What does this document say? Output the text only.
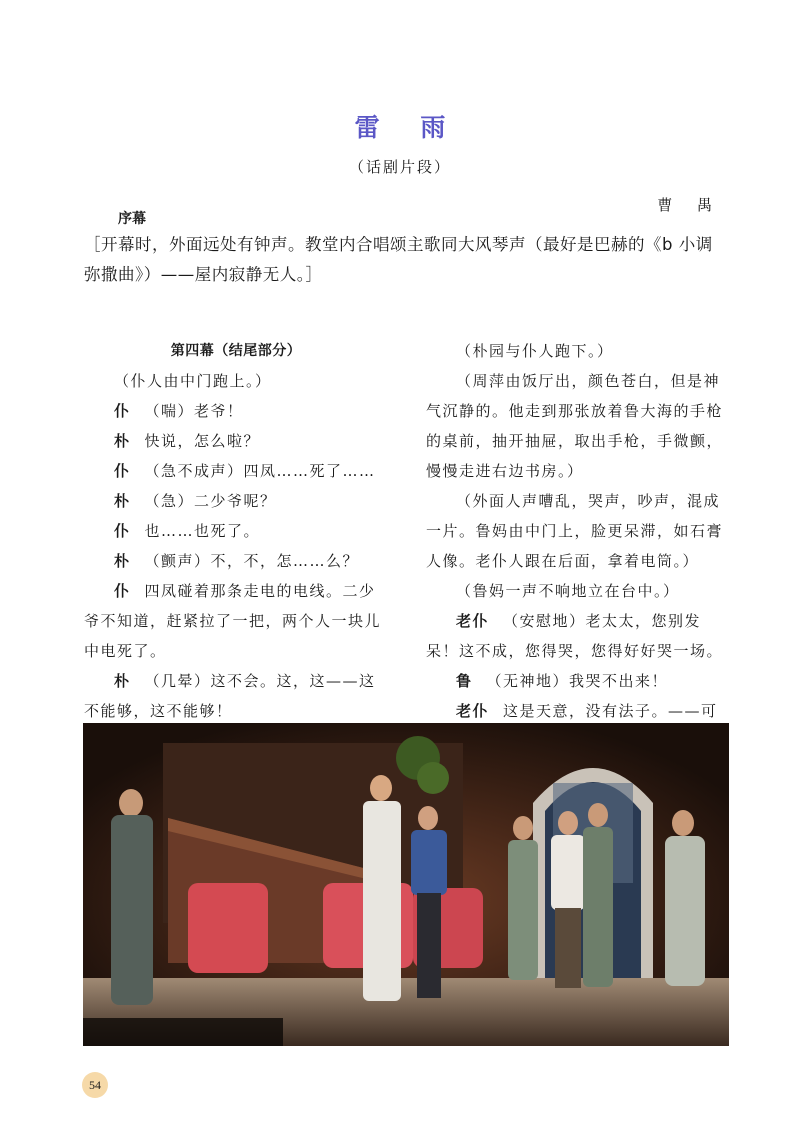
雷 雨
（话剧片段）
曹 禺
序幕

［开幕时，外面远处有钟声。教堂内合唱颂主歌同大风琴声（最好是巴赫的《b 小调弥撒曲》）——屋内寂静无人。］

第四幕（结尾部分）

（仆人由中门跑上。）

仆 （喘）老爷！

朴 快说，怎么啦？

仆 （急不成声）四凤……死了……

朴 （急）二少爷呢？

仆 也……也死了。

朴 （颤声）不，不，怎……么？

仆 四凤碰着那条走电的电线。二少爷不知道，赶紧拉了一把，两个人一块儿中电死了。

朴 （几晕）这不会。这，这——这不能够，这不能够！

（朴园与仆人跑下。）

（周萍由饭厅出，颜色苍白，但是神气沉静的。他走到那张放着鲁大海的手枪的桌前，抽开抽屉，取出手枪，手微颤，慢慢走进右边书房。）

（外面人声嘈乱，哭声，吵声，混成一片。鲁妈由中门上，脸更呆滞，如石膏人像。老仆人跟在后面，拿着电筒。）

（鲁妈一声不响地立在台中。）

老仆 （安慰地）老太太，您别发呆！这不成，您得哭，您得好好哭一场。

鲁 （无神地）我哭不出来！

老仆 这是天意，没有法子。——可

54
